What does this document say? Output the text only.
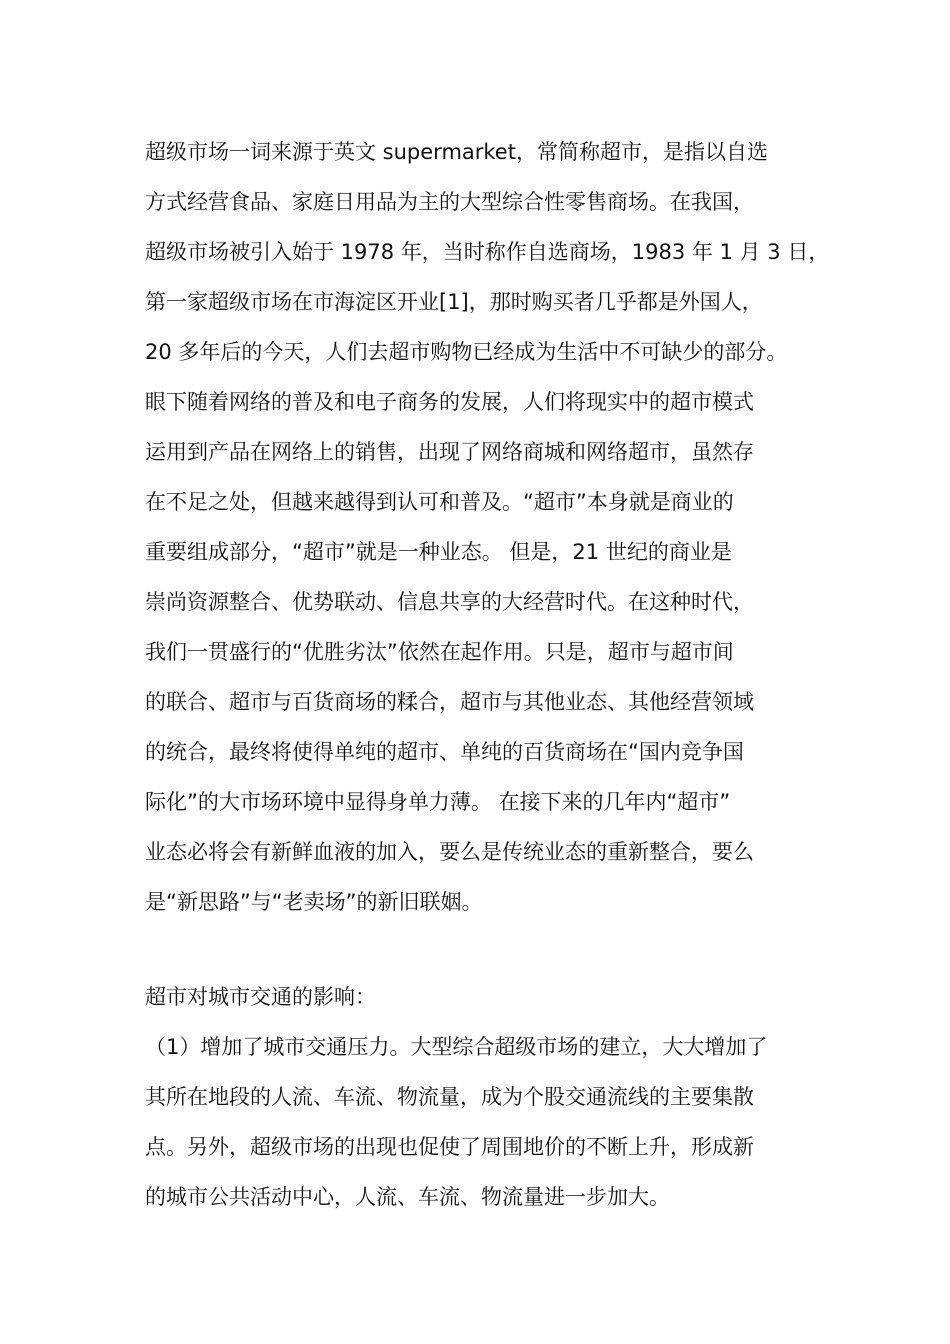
超级市场一词来源于英文 supermarket，常简称超市，是指以自选
方式经营食品、家庭日用品为主的大型综合性零售商场。在我国，
超级市场被引入始于 1978 年，当时称作自选商场，1983 年 1 月 3 日，
第一家超级市场在市海淀区开业[1]，那时购买者几乎都是外国人，
20 多年后的今天，人们去超市购物已经成为生活中不可缺少的部分。
眼下随着网络的普及和电子商务的发展，人们将现实中的超市模式
运用到产品在网络上的销售，出现了网络商城和网络超市，虽然存
在不足之处，但越来越得到认可和普及。“超市”本身就是商业的
重要组成部分，“超市”就是一种业态。 但是，21 世纪的商业是
崇尚资源整合、优势联动、信息共享的大经营时代。在这种时代，
我们一贯盛行的“优胜劣汰”依然在起作用。只是，超市与超市间
的联合、超市与百货商场的糅合，超市与其他业态、其他经营领域
的统合，最终将使得单纯的超市、单纯的百货商场在“国内竞争国
际化”的大市场环境中显得身单力薄。 在接下来的几年内“超市”
业态必将会有新鲜血液的加入，要么是传统业态的重新整合，要么
是“新思路”与“老卖场”的新旧联姻。
超市对城市交通的影响：
（1）增加了城市交通压力。大型综合超级市场的建立，大大增加了
其所在地段的人流、车流、物流量，成为个股交通流线的主要集散
点。另外，超级市场的出现也促使了周围地价的不断上升，形成新
的城市公共活动中心，人流、车流、物流量进一步加大。
